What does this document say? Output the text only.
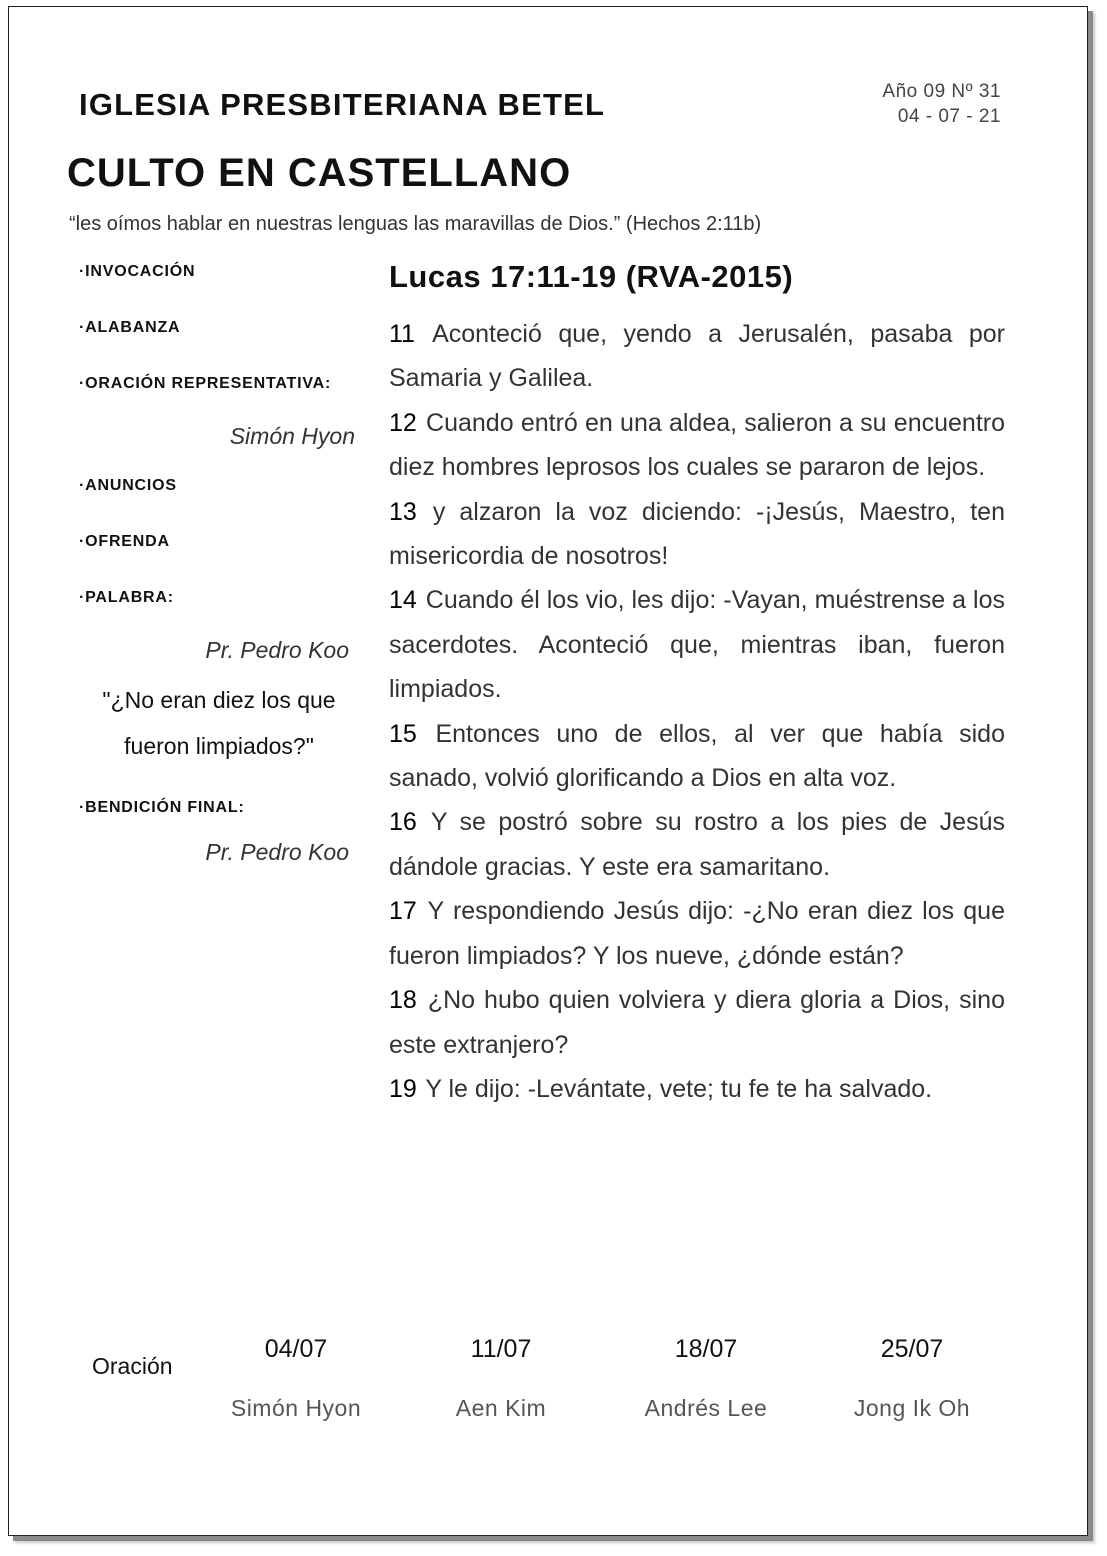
IGLESIA PRESBITERIANA BETEL	Año 09 Nº 31
04 - 07 - 21
CULTO EN CASTELLANO
“les oímos hablar en nuestras lenguas las maravillas de Dios.” (Hechos 2:11b)
·INVOCACIÓN
·ALABANZA
·ORACIÓN REPRESENTATIVA:
Simón Hyon
·ANUNCIOS
·OFRENDA
·PALABRA:
Pr. Pedro Koo
"¿No eran diez los que
fueron limpiados?"
·BENDICIÓN FINAL:
Pr. Pedro Koo
Lucas 17:11-19 (RVA-2015)
11 Aconteció que, yendo a Jerusalén, pasaba por Samaria y Galilea.
12 Cuando entró en una aldea, salieron a su encuentro diez hombres leprosos los cuales se pararon de lejos.
13 y alzaron la voz diciendo: -¡Jesús, Maestro, ten misericordia de nosotros!
14 Cuando él los vio, les dijo: -Vayan, muéstrense a los sacerdotes. Aconteció que, mientras iban, fueron limpiados.
15 Entonces uno de ellos, al ver que había sido sanado, volvió glorificando a Dios en alta voz.
16 Y se postró sobre su rostro a los pies de Jesús dándole gracias. Y este era samaritano.
17 Y respondiendo Jesús dijo: -¿No eran diez los que fueron limpiados? Y los nueve, ¿dónde están?
18 ¿No hubo quien volviera y diera gloria a Dios, sino este extranjero?
19 Y le dijo: -Levántate, vete; tu fe te ha salvado.
Oración
04/07
Simón Hyon
11/07
Aen Kim
18/07
Andrés Lee
25/07
Jong Ik Oh
